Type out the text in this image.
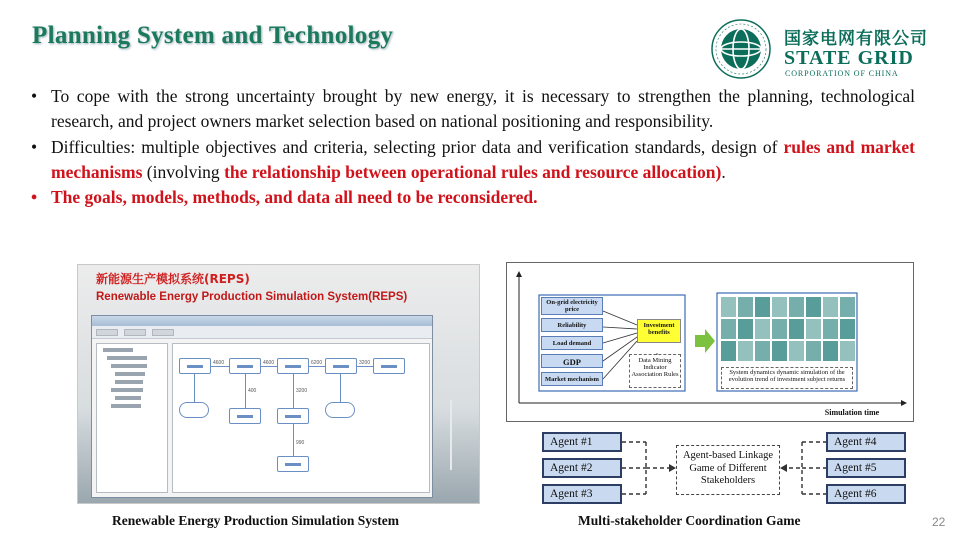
Planning System and Technology	国家电网有限公司
STATE GRID
CORPORATION OF CHINA
• To cope with the strong uncertainty brought by new energy, it is necessary to strengthen the planning, technological research, and project owners market selection based on national positioning and responsibility.
• Difficulties: multiple objectives and criteria, selecting prior data and verification standards, design of rules and market mechanisms (involving the relationship between operational rules and resource allocation).
• The goals, models, methods, and data all need to be reconsidered.
新能源生产模拟系统(REPS)
Renewable Energy Production Simulation System(REPS)
4600	4600	6200	3200
400	3200
990
On-grid electricity price
Reliability
Load demand
GDP
Market mechanism
Investment benefits
Data Mining Indicator Association Rules	System dynamics dynamic simulation of the evolution trend of investment subject returns
Simulation time
Agent #1
Agent #2
Agent #3
Agent #4
Agent #5
Agent #6
Agent-based Linkage Game of Different Stakeholders
Renewable Energy Production Simulation System	Multi-stakeholder Coordination Game	22
